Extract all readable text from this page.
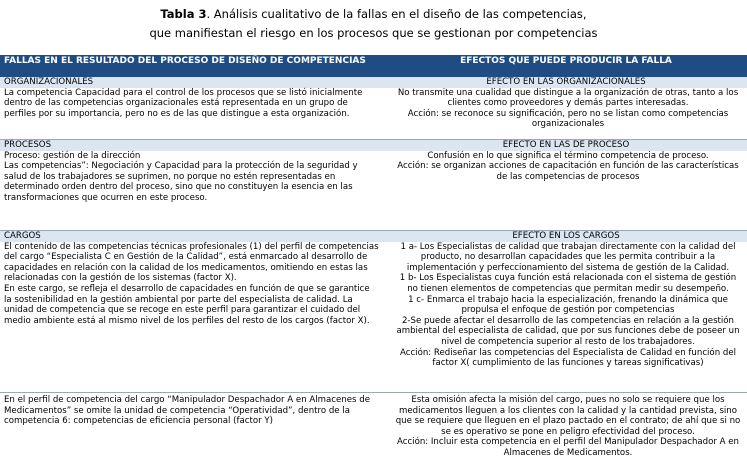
Tabla 3. Análisis cualitativo de la fallas en el diseño de las competencias,
que manifiestan el riesgo en los procesos que se gestionan por competencias
FALLAS EN EL RESULTADO DEL PROCESO DE DISEÑO DE COMPETENCIAS	EFECTOS QUE PUEDE PRODUCIR LA FALLA
ORGANIZACIONALES
La competencia Capacidad para el control de los procesos que se listó inicialmente dentro de las competencias organizacionales está representada en un grupo de perfiles por su importancia, pero no es de las que distingue a esta organización.
EFECTO EN LAS ORGANIZACIONALES
No transmite una cualidad que distingue a la organización de otras, tanto a los clientes como proveedores y demás partes interesadas.
Acción: se reconoce su significación, pero no se listan como competencias organizacionales
PROCESOS
Proceso: gestión de la dirección
Las competencias”: Negociación y Capacidad para la protección de la seguridad y salud de los trabajadores se suprimen, no porque no estén representadas en determinado orden dentro del proceso, sino que no constituyen la esencia en las transformaciones que ocurren en este proceso.
EFECTO EN LAS DE PROCESO
Confusión en lo que significa el término competencia de proceso.
Acción: se organizan acciones de capacitación en función de las características de las competencias de procesos
CARGOS
El contenido de las competencias técnicas profesionales (1) del perfil de competencias del cargo “Especialista C en Gestión de la Calidad”, está enmarcado al desarrollo de capacidades en relación con la calidad de los medicamentos, omitiendo en estas las relacionadas con la gestión de los sistemas (factor X).
En este cargo, se refleja el desarrollo de capacidades en función de que se garantice la sostenibilidad en la gestión ambiental por parte del especialista de calidad. La unidad de competencia que se recoge en este perfil para garantizar el cuidado del medio ambiente está al mismo nivel de los perfiles del resto de los cargos (factor X).
EFECTO EN LOS CARGOS
1 a- Los Especialistas de calidad que trabajan directamente con la calidad del producto, no desarrollan capacidades que les permita contribuir a la implementación y perfeccionamiento del sistema de gestión de la Calidad.
1 b- Los Especialistas cuya función está relacionada con el sistema de gestión no tienen elementos de competencias que permitan medir su desempeño.
1 c- Enmarca el trabajo hacia la especialización, frenando la dinámica que propulsa el enfoque de gestión por competencias
2-Se puede afectar el desarrollo de las competencias en relación a la gestión ambiental del especialista de calidad, que por sus funciones debe de poseer un nivel de competencia superior al resto de los trabajadores.
Acción: Rediseñar las competencias del Especialista de Calidad en función del factor X( cumplimiento de las funciones y tareas significativas)
En el perfil de competencia del cargo “Manipulador Despachador A en Almacenes de Medicamentos” se omite la unidad de competencia “Operatividad”, dentro de la competencia 6: competencias de eficiencia personal (factor Y)
Esta omisión afecta la misión del cargo, pues no solo se requiere que los medicamentos lleguen a los clientes con la calidad y la cantidad prevista, sino que se requiere que lleguen en el plazo pactado en el contrato; de ahí que si no se es operativo se pone en peligro efectividad del proceso.
Acción: Incluir esta competencia en el perfil del Manipulador Despachador A en Almacenes de Medicamentos.
